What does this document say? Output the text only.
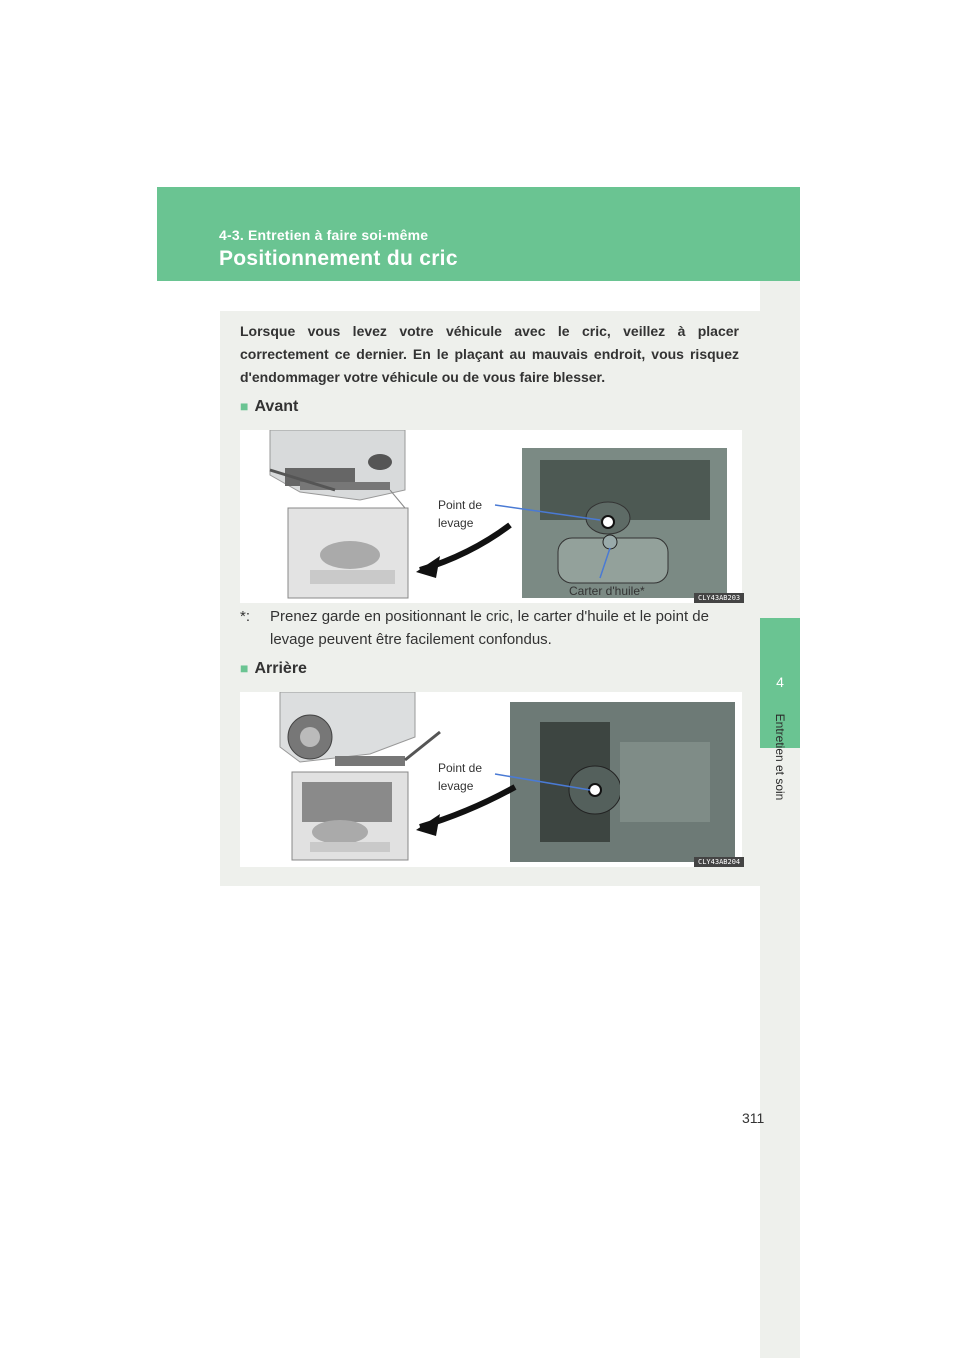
4-3. Entretien à faire soi-même
Positionnement du cric
4
Entretien et soin
Lorsque vous levez votre véhicule avec le cric, veillez à placer correctement ce dernier. En le plaçant au mauvais endroit, vous risquez d'endommager votre véhicule ou de vous faire blesser.
■ Avant
Point de levage
Carter d'huile*	CLY43AB203
*: Prenez garde en positionnant le cric, le carter d'huile et le point de levage peuvent être facilement confondus.
■ Arrière
Point de levage
CLY43AB204
311
